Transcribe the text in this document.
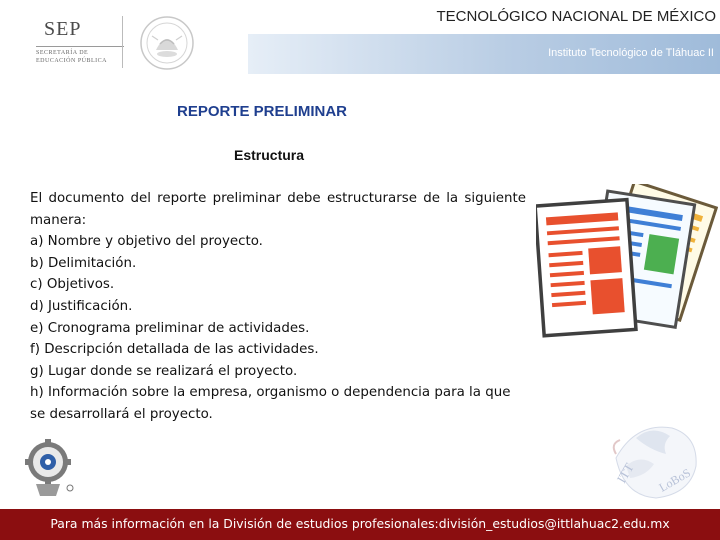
SEP
SECRETARÍA DE
EDUCACIÓN PÚBLICA
TECNOLÓGICO NACIONAL DE MÉXICO
Instituto Tecnológico de Tláhuac II
REPORTE PRELIMINAR
Estructura

El documento del reporte preliminar debe estructurarse de la siguiente manera:

a) Nombre y objetivo del proyecto.
b) Delimitación.
c) Objetivos.
d) Justificación.
e) Cronograma preliminar de actividades.
f) Descripción detallada de las actividades.
g) Lugar donde se realizará el proyecto.
h) Información sobre la empresa, organismo o dependencia para la que se desarrollará el proyecto.
ITT LoBoS
Para más información en la División de estudios profesionales:división_estudios@ittlahuac2.edu.mx
